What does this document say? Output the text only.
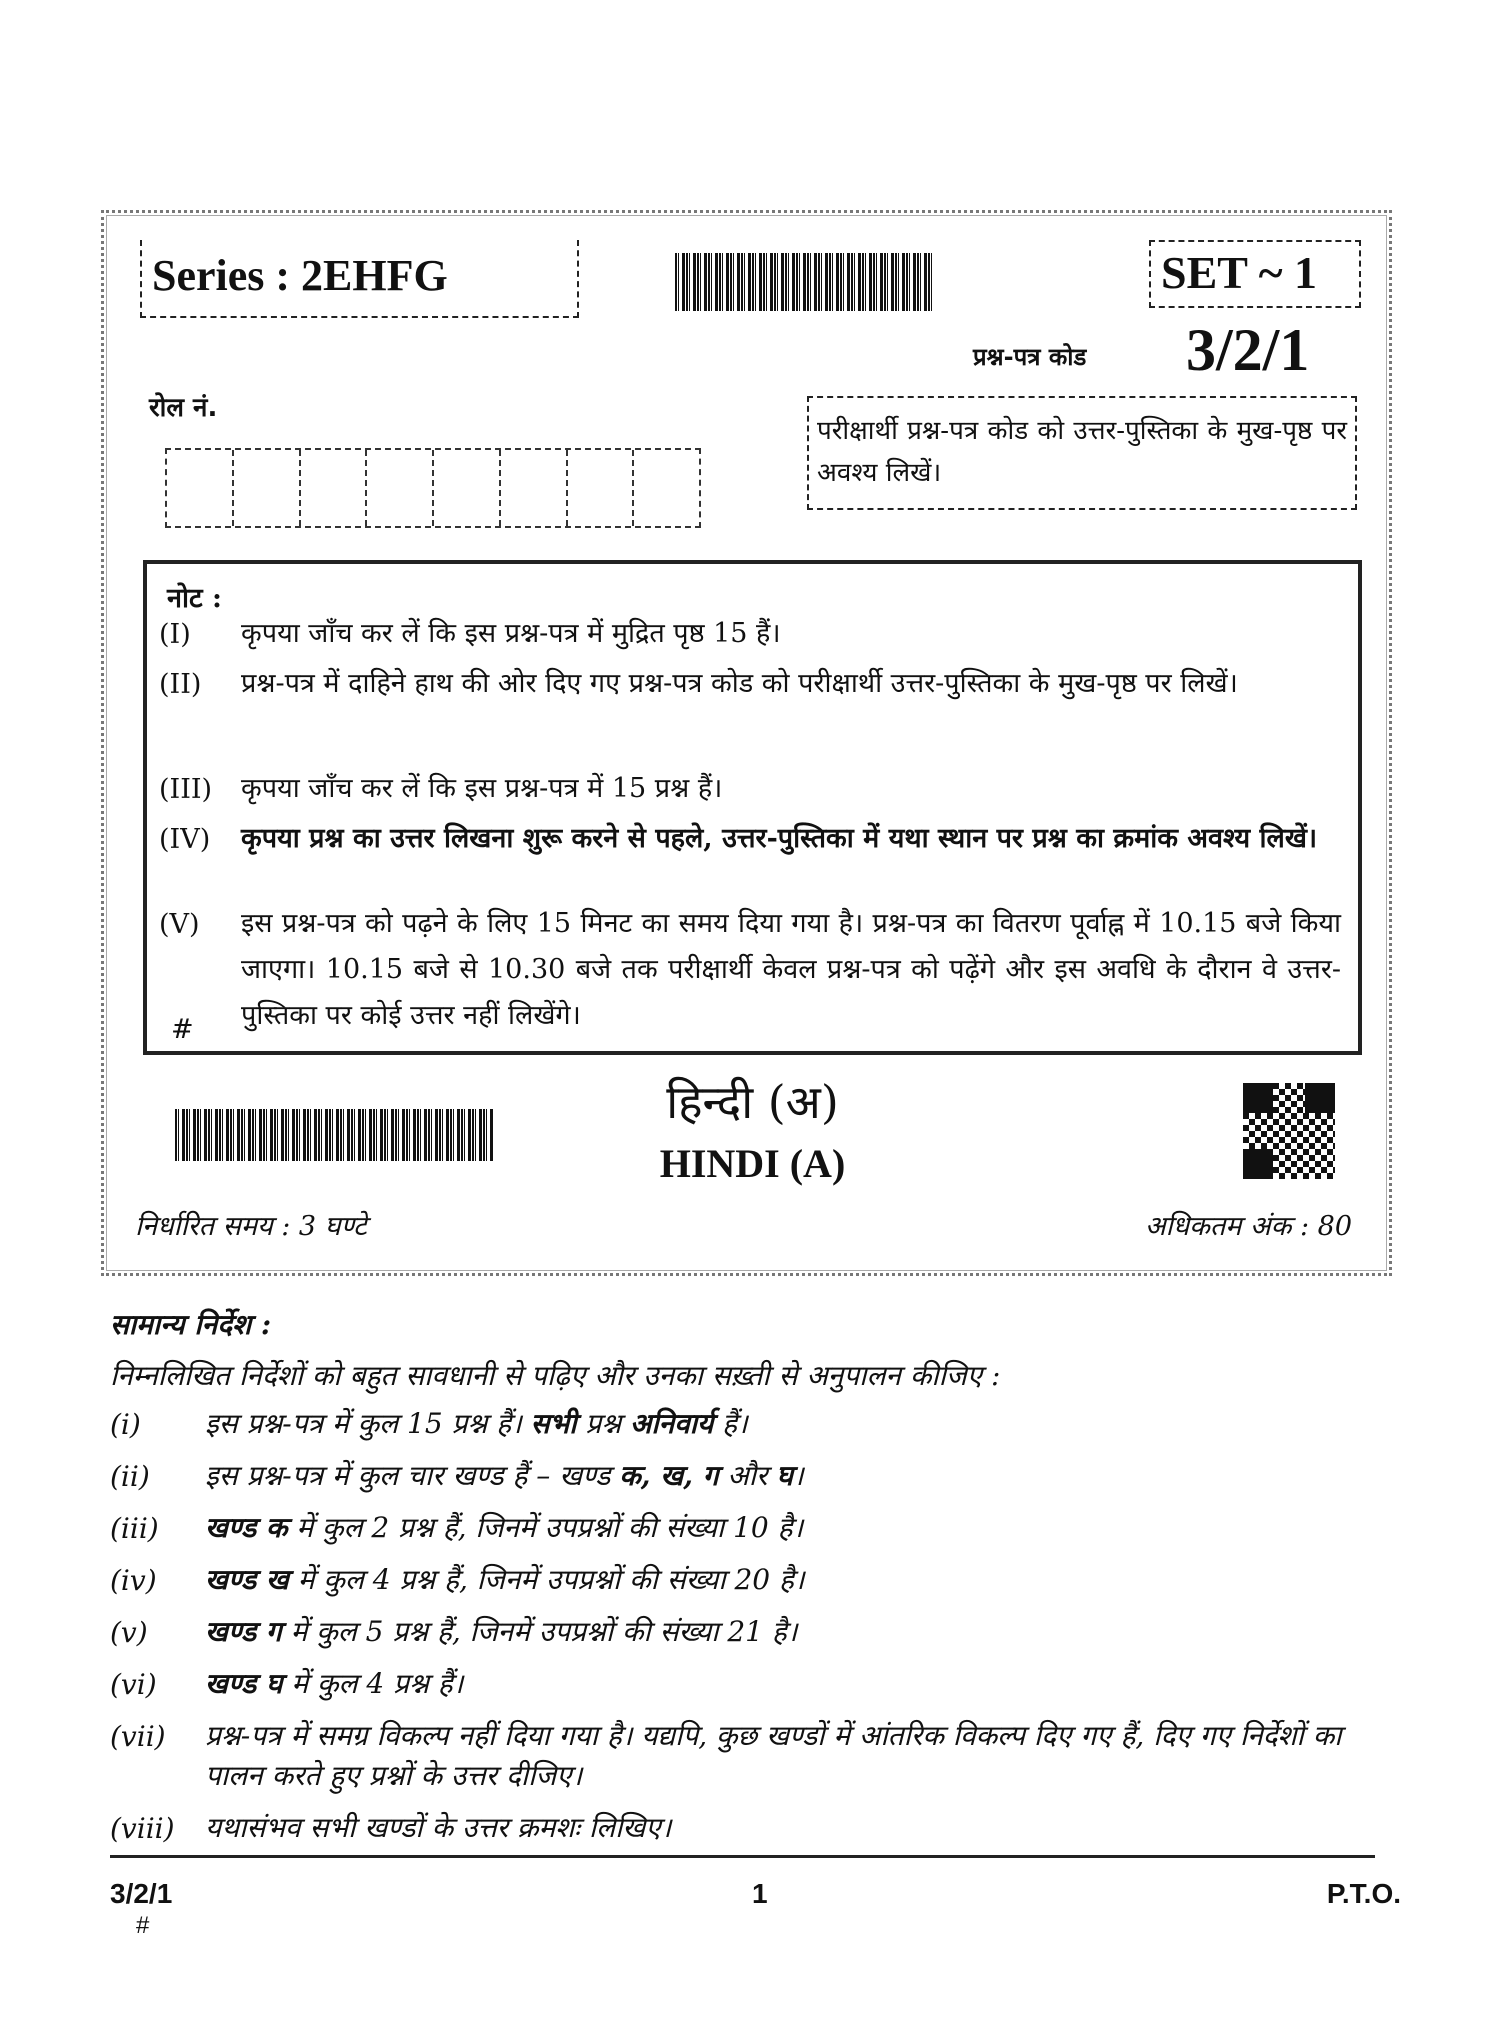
Series : 2EHFG	SET ~ 1
प्रश्न-पत्र कोड 3/2/1
रोल नं.
परीक्षार्थी प्रश्न-पत्र कोड को उत्तर-पुस्तिका के मुख-पृष्ठ पर अवश्य लिखें।
नोट :
(I) कृपया जाँच कर लें कि इस प्रश्न-पत्र में मुद्रित पृष्ठ 15 हैं।
(II) प्रश्न-पत्र में दाहिने हाथ की ओर दिए गए प्रश्न-पत्र कोड को परीक्षार्थी उत्तर-पुस्तिका के मुख-पृष्ठ पर लिखें।
(III) कृपया जाँच कर लें कि इस प्रश्न-पत्र में 15 प्रश्न हैं।
(IV) कृपया प्रश्न का उत्तर लिखना शुरू करने से पहले, उत्तर-पुस्तिका में यथा स्थान पर प्रश्न का क्रमांक अवश्य लिखें।
(V) इस प्रश्न-पत्र को पढ़ने के लिए 15 मिनट का समय दिया गया है। प्रश्न-पत्र का वितरण पूर्वाह्न में 10.15 बजे किया जाएगा। 10.15 बजे से 10.30 बजे तक परीक्षार्थी केवल प्रश्न-पत्र को पढ़ेंगे और इस अवधि के दौरान वे उत्तर-पुस्तिका पर कोई उत्तर नहीं लिखेंगे।
#
हिन्दी (अ)
HINDI (A)
निर्धारित समय : 3 घण्टे	अधिकतम अंक : 80
सामान्य निर्देश :
निम्नलिखित निर्देशों को बहुत सावधानी से पढ़िए और उनका सख़्ती से अनुपालन कीजिए :
(i) इस प्रश्न-पत्र में कुल 15 प्रश्न हैं। सभी प्रश्न अनिवार्य हैं।
(ii) इस प्रश्न-पत्र में कुल चार खण्ड हैं – खण्ड क, ख, ग और घ।
(iii) खण्ड क में कुल 2 प्रश्न हैं, जिनमें उपप्रश्नों की संख्या 10 है।
(iv) खण्ड ख में कुल 4 प्रश्न हैं, जिनमें उपप्रश्नों की संख्या 20 है।
(v) खण्ड ग में कुल 5 प्रश्न हैं, जिनमें उपप्रश्नों की संख्या 21 है।
(vi) खण्ड घ में कुल 4 प्रश्न हैं।
(vii) प्रश्न-पत्र में समग्र विकल्प नहीं दिया गया है। यद्यपि, कुछ खण्डों में आंतरिक विकल्प दिए गए हैं, दिए गए निर्देशों का पालन करते हुए प्रश्नों के उत्तर दीजिए।
(viii) यथासंभव सभी खण्डों के उत्तर क्रमशः लिखिए।
3/2/1	1	P.T.O.
#
